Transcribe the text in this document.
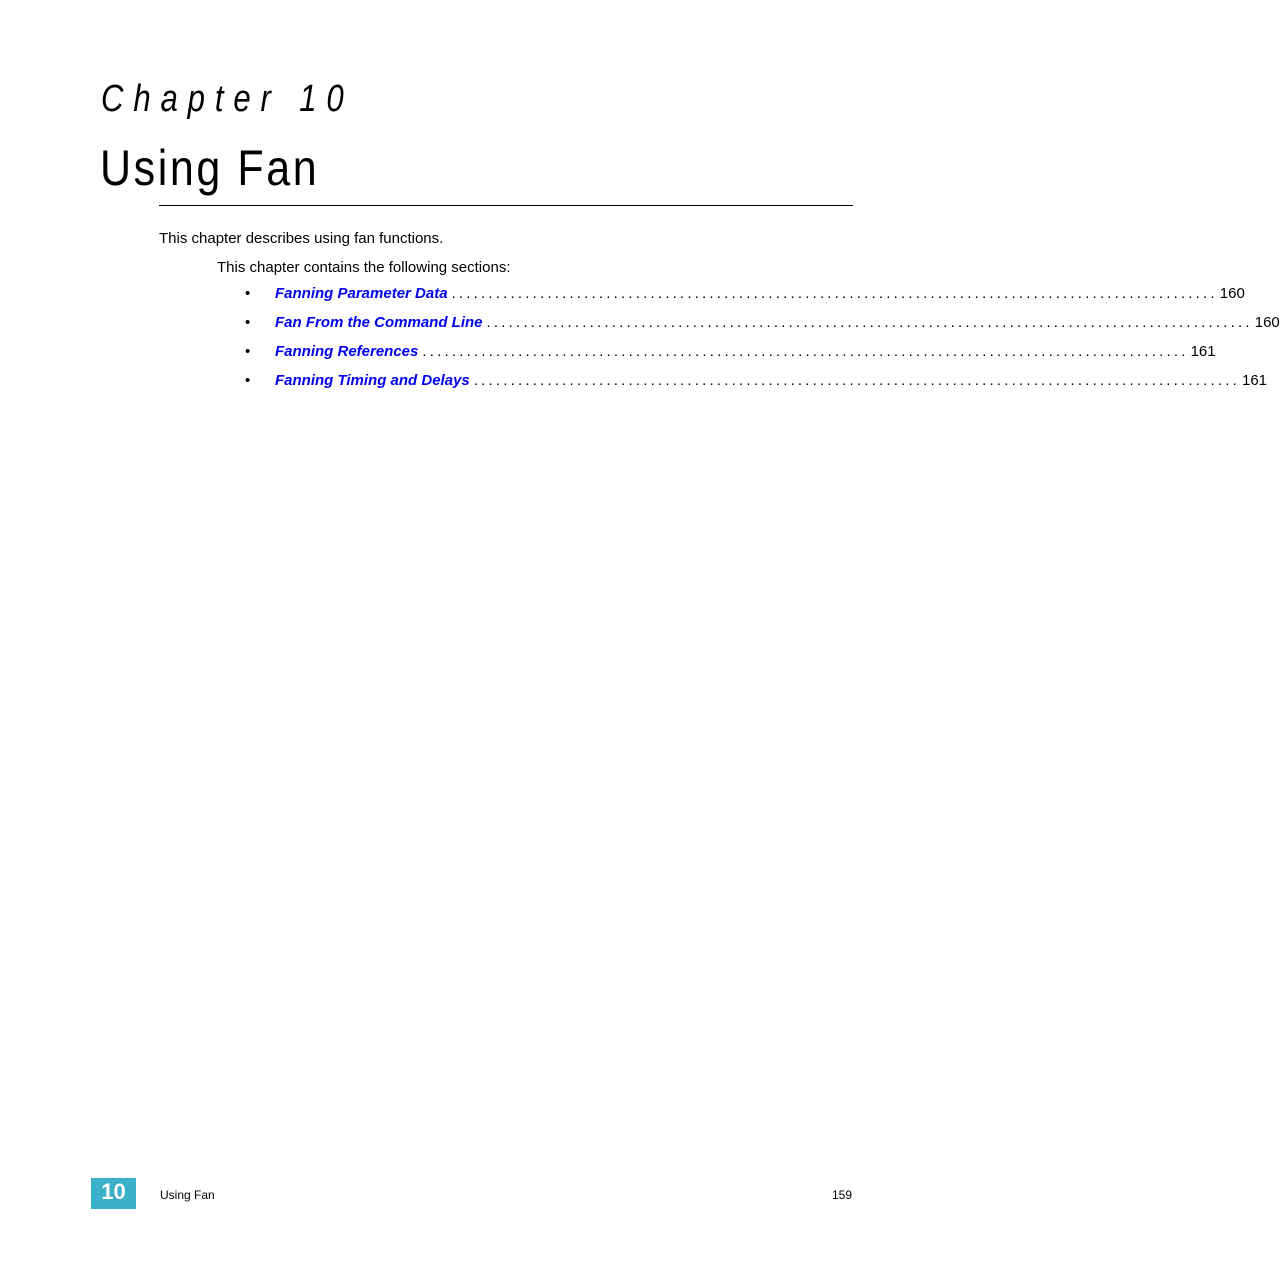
Chapter 10
Using Fan
This chapter describes using fan functions.
This chapter contains the following sections:
•	Fanning Parameter Data ........................................................................................................ 160
•	Fan From the Command Line ........................................................................................................ 160
•	Fanning References ........................................................................................................ 161
•	Fanning Timing and Delays ........................................................................................................ 161
10	Using Fan	159
